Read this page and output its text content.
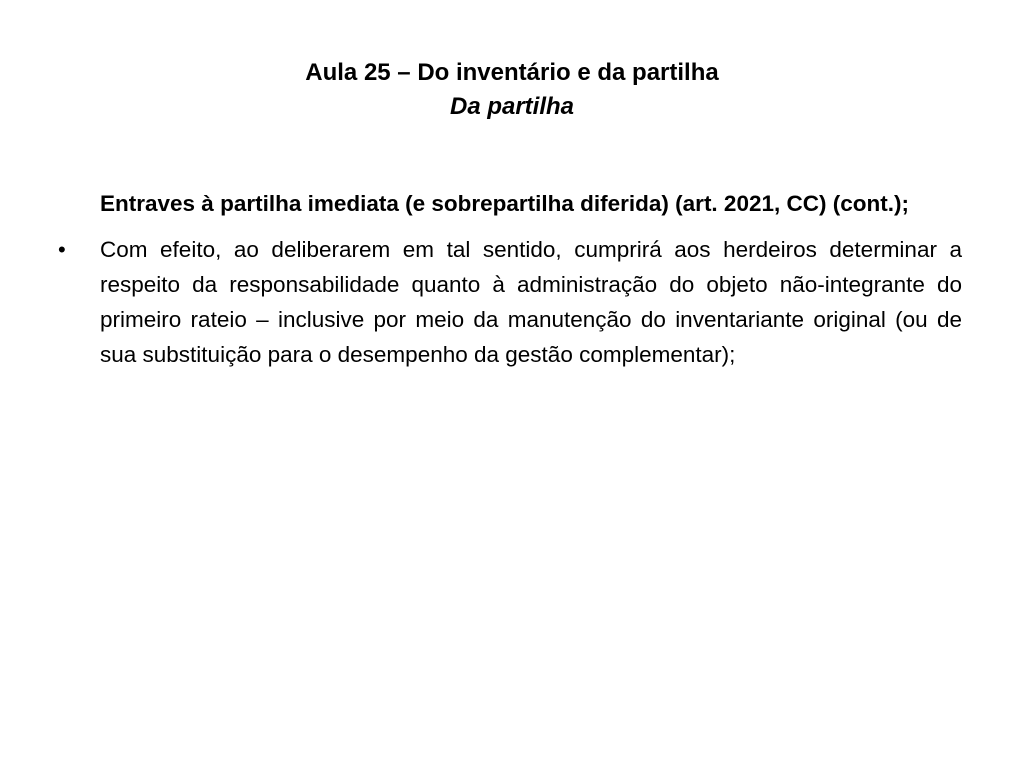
Aula 25 – Do inventário e da partilha
Da partilha

Entraves à partilha imediata (e sobrepartilha diferida) (art. 2021, CC) (cont.);

• Com efeito, ao deliberarem em tal sentido, cumprirá aos herdeiros determinar a respeito da responsabilidade quanto à administração do objeto não-integrante do primeiro rateio – inclusive por meio da manutenção do inventariante original (ou de sua substituição para o desempenho da gestão complementar);
